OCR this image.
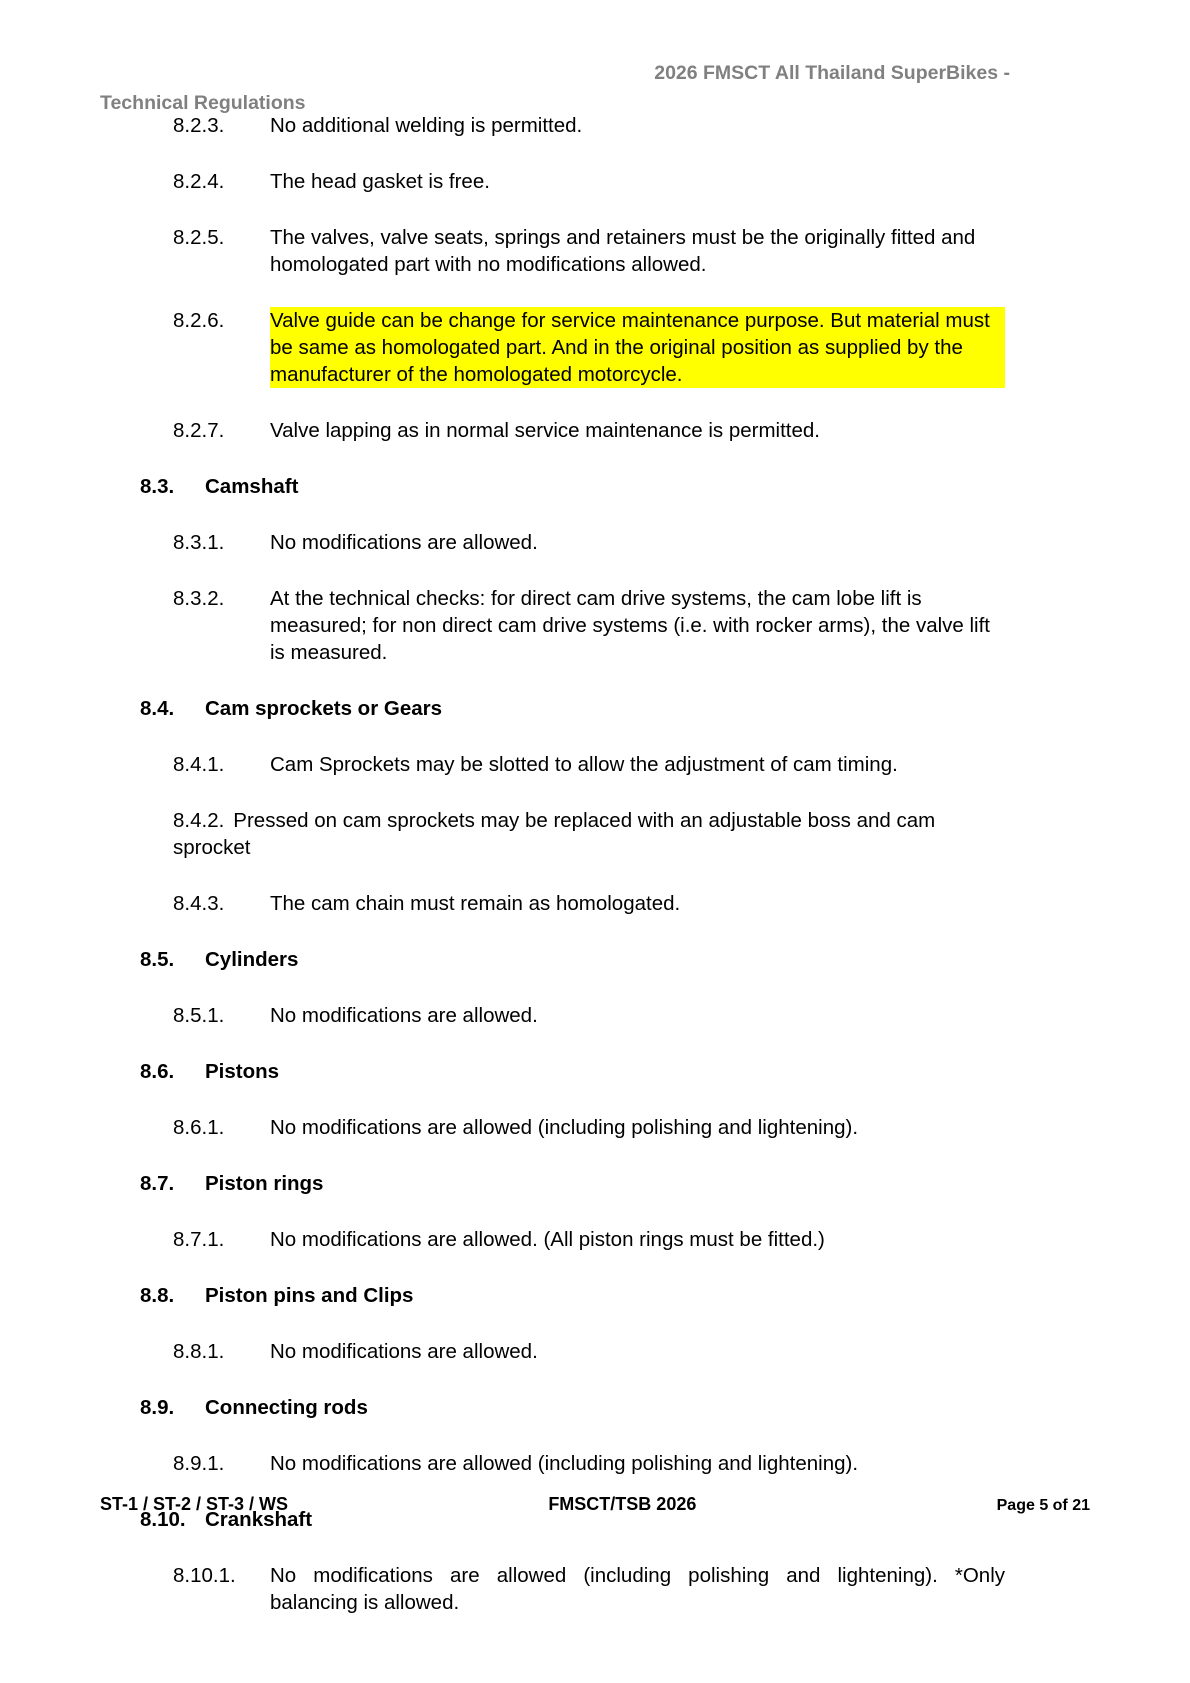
2026 FMSCT All Thailand SuperBikes -
Technical Regulations
8.2.3.	No additional welding is permitted.
8.2.4.	The head gasket is free.
8.2.5.	The valves, valve seats, springs and retainers must be the originally fitted and homologated part with no modifications allowed.
8.2.6.	Valve guide can be change for service maintenance purpose. But material must be same as homologated part. And in the original position as supplied by the manufacturer of the homologated motorcycle.
8.2.7.	Valve lapping as in normal service maintenance is permitted.
8.3. Camshaft
8.3.1.	No modifications are allowed.
8.3.2.	At the technical checks: for direct cam drive systems, the cam lobe lift is measured; for non direct cam drive systems (i.e. with rocker arms), the valve lift is measured.
8.4. Cam sprockets or Gears
8.4.1.	Cam Sprockets may be slotted to allow the adjustment of cam timing.
8.4.2. Pressed on cam sprockets may be replaced with an adjustable boss and cam sprocket
8.4.3.	The cam chain must remain as homologated.
8.5. Cylinders
8.5.1.	No modifications are allowed.
8.6. Pistons
8.6.1.	No modifications are allowed (including polishing and lightening).
8.7. Piston rings
8.7.1.	No modifications are allowed. (All piston rings must be fitted.)
8.8. Piston pins and Clips
8.8.1.	No modifications are allowed.
8.9. Connecting rods
8.9.1.	No modifications are allowed (including polishing and lightening).
8.10. Crankshaft
8.10.1.	No modifications are allowed (including polishing and lightening). *Only balancing is allowed.
ST-1 / ST-2 / ST-3 / WS	FMSCT/TSB 2026	Page 5 of 21
